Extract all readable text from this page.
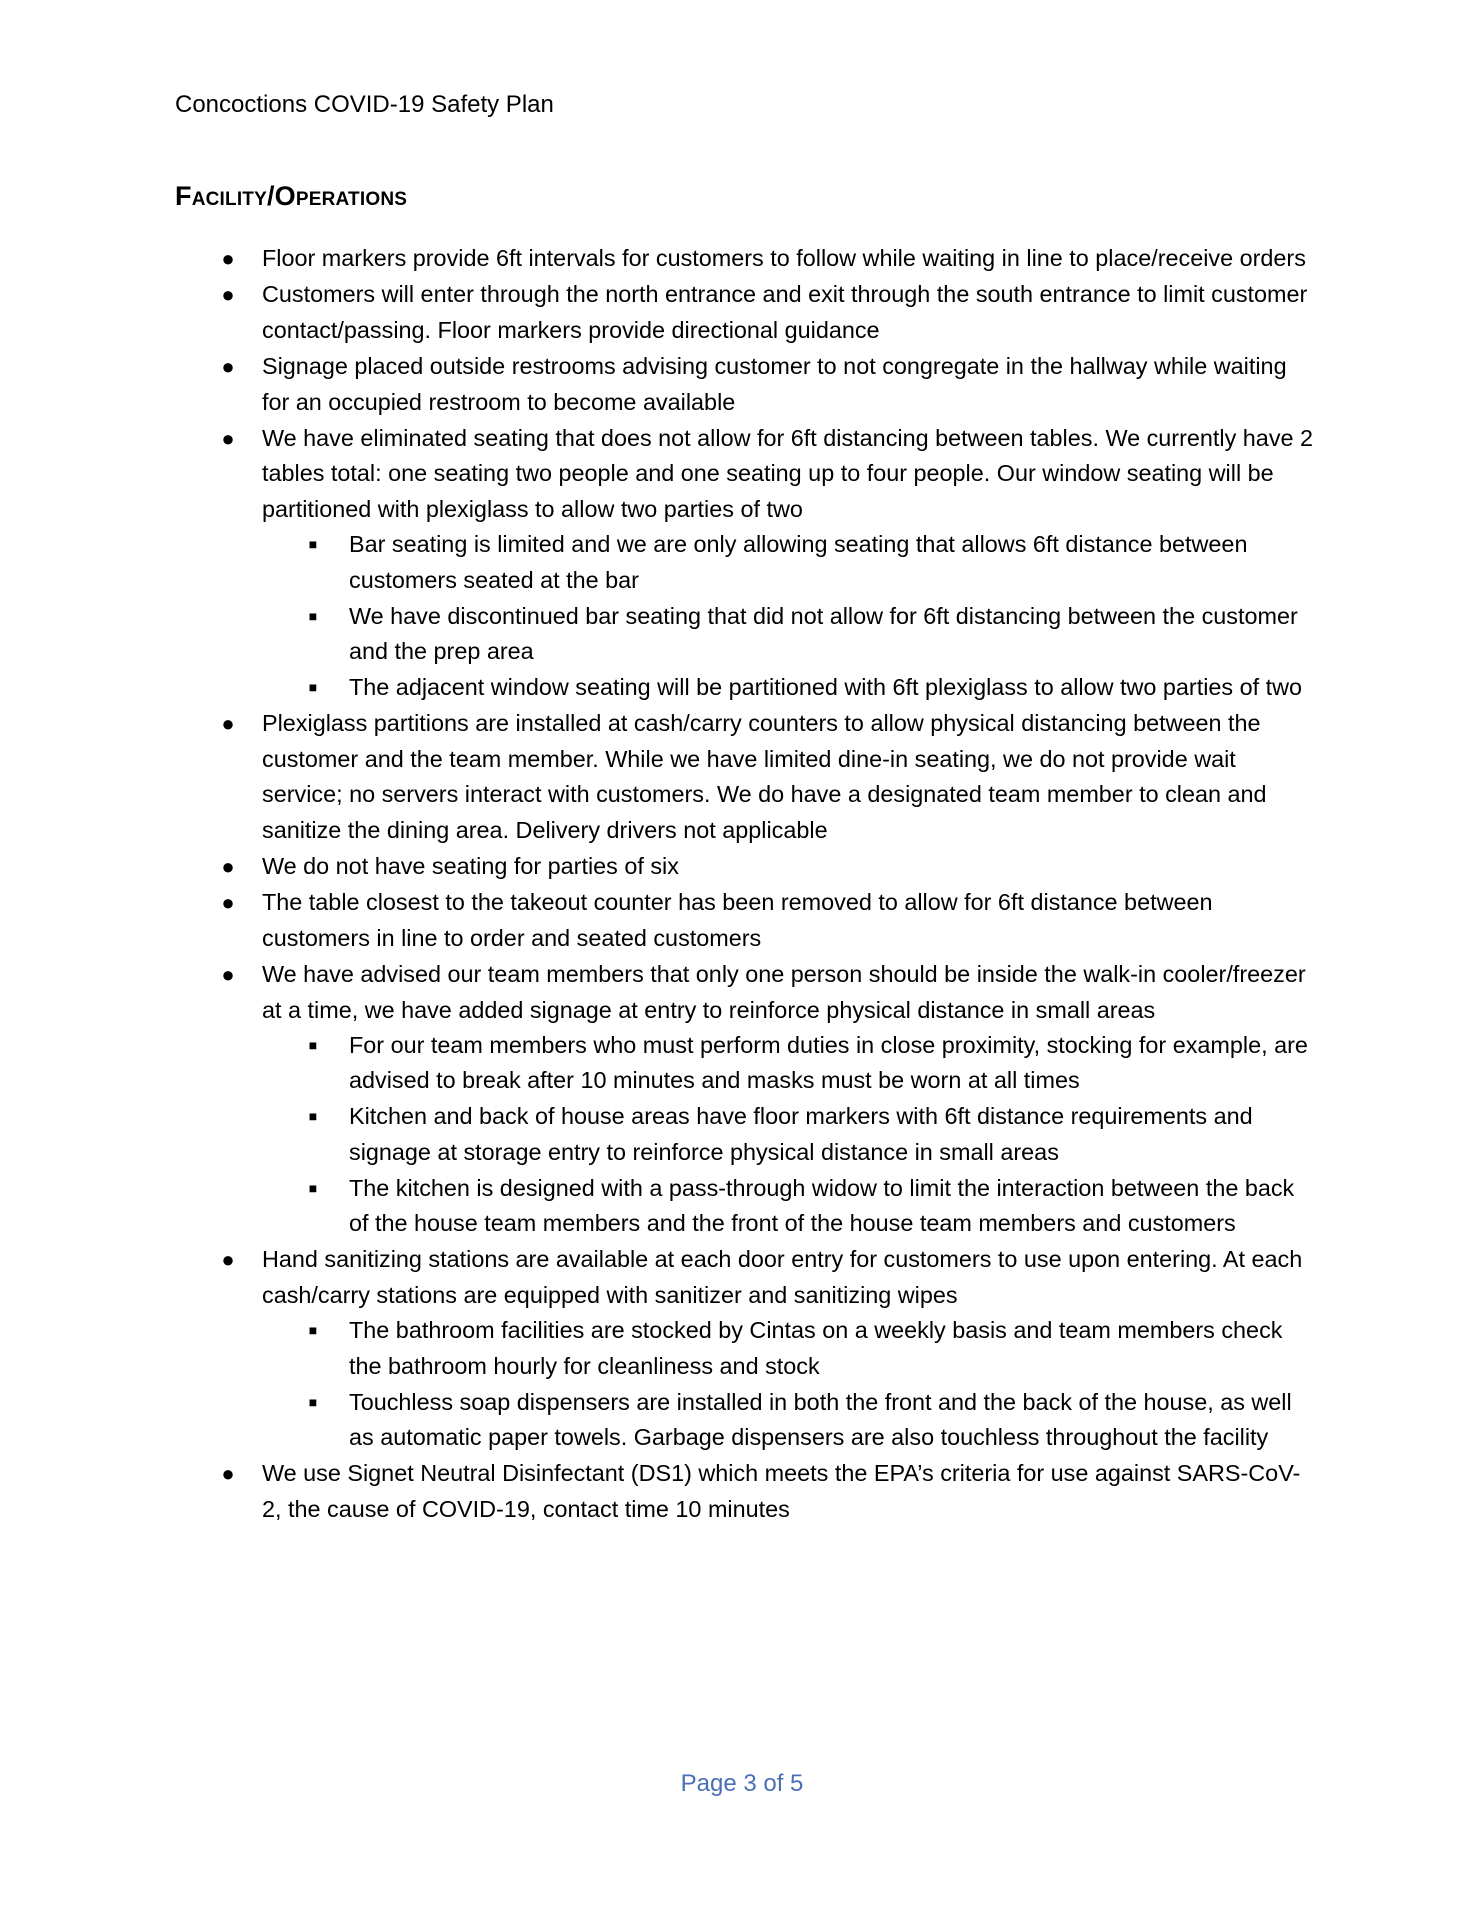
Concoctions COVID-19 Safety Plan
Facility/Operations
● Floor markers provide 6ft intervals for customers to follow while waiting in line to place/receive orders
● Customers will enter through the north entrance and exit through the south entrance to limit customer contact/passing. Floor markers provide directional guidance
● Signage placed outside restrooms advising customer to not congregate in the hallway while waiting for an occupied restroom to become available
● We have eliminated seating that does not allow for 6ft distancing between tables. We currently have 2 tables total: one seating two people and one seating up to four people. Our window seating will be partitioned with plexiglass to allow two parties of two
■ Bar seating is limited and we are only allowing seating that allows 6ft distance between customers seated at the bar
■ We have discontinued bar seating that did not allow for 6ft distancing between the customer and the prep area
■ The adjacent window seating will be partitioned with 6ft plexiglass to allow two parties of two
● Plexiglass partitions are installed at cash/carry counters to allow physical distancing between the customer and the team member. While we have limited dine-in seating, we do not provide wait service; no servers interact with customers. We do have a designated team member to clean and sanitize the dining area. Delivery drivers not applicable
● We do not have seating for parties of six
● The table closest to the takeout counter has been removed to allow for 6ft distance between customers in line to order and seated customers
● We have advised our team members that only one person should be inside the walk-in cooler/freezer at a time, we have added signage at entry to reinforce physical distance in small areas
■ For our team members who must perform duties in close proximity, stocking for example, are advised to break after 10 minutes and masks must be worn at all times
■ Kitchen and back of house areas have floor markers with 6ft distance requirements and signage at storage entry to reinforce physical distance in small areas
■ The kitchen is designed with a pass-through widow to limit the interaction between the back of the house team members and the front of the house team members and customers
● Hand sanitizing stations are available at each door entry for customers to use upon entering. At each cash/carry stations are equipped with sanitizer and sanitizing wipes
■ The bathroom facilities are stocked by Cintas on a weekly basis and team members check the bathroom hourly for cleanliness and stock
■ Touchless soap dispensers are installed in both the front and the back of the house, as well as automatic paper towels. Garbage dispensers are also touchless throughout the facility
● We use Signet Neutral Disinfectant (DS1) which meets the EPA’s criteria for use against SARS-CoV-2, the cause of COVID-19, contact time 10 minutes
Page 3 of 5
